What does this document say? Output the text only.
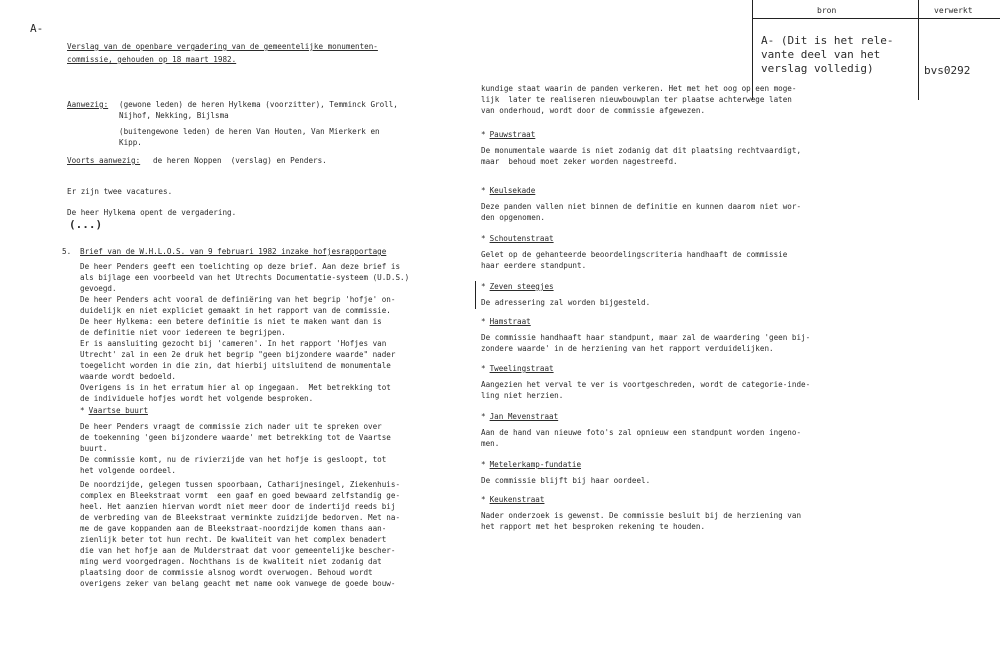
A-
bron	verwerkt
A- (Dit is het rele-
vante deel van het
verslag volledig)	bvs0292
Verslag van de openbare vergadering van de gemeentelijke monumenten-
commissie, gehouden op 18 maart 1982.
Aanwezig: (gewone leden) de heren Hylkema (voorzitter), Temminck Groll,
Nijhof, Nekking, Bijlsma
(buitengewone leden) de heren Van Houten, Van Mierkerk en
Kipp.
Voorts aanwezig: de heren Noppen  (verslag) en Penders.
Er zijn twee vacatures.
De heer Hylkema opent de vergadering.
(...)
5. Brief van de W.H.L.O.S. van 9 februari 1982 inzake hofjesrapportage
De heer Penders geeft een toelichting op deze brief. Aan deze brief is
als bijlage een voorbeeld van het Utrechts Documentatie-systeem (U.D.S.)
gevoegd.
De heer Penders acht vooral de definiëring van het begrip 'hofje' on-
duidelijk en niet expliciet gemaakt in het rapport van de commissie.
De heer Hylkema: een betere definitie is niet te maken want dan is
de definitie niet voor iedereen te begrijpen.
Er is aansluiting gezocht bij 'cameren'. In het rapport 'Hofjes van
Utrecht' zal in een 2e druk het begrip "geen bijzondere waarde" nader
toegelicht worden in die zin, dat hierbij uitsluitend de monumentale
waarde wordt bedoeld.
Overigens is in het erratum hier al op ingegaan.  Met betrekking tot
de individuele hofjes wordt het volgende besproken.
* Vaartse buurt
De heer Penders vraagt de commissie zich nader uit te spreken over
de toekenning 'geen bijzondere waarde' met betrekking tot de Vaartse
buurt.
De commissie komt, nu de rivierzijde van het hofje is gesloopt, tot
het volgende oordeel.
De noordzijde, gelegen tussen spoorbaan, Catharijnesingel, Ziekenhuis-
complex en Bleekstraat vormt  een gaaf en goed bewaard zelfstandig ge-
heel. Het aanzien hiervan wordt niet meer door de indertijd reeds bij
de verbreding van de Bleekstraat verminkte zuidzijde bedorven. Met na-
me de gave koppanden aan de Bleekstraat-noordzijde komen thans aan-
zienlijk beter tot hun recht. De kwaliteit van het complex benadert
die van het hofje aan de Mulderstraat dat voor gemeentelijke bescher-
ming werd voorgedragen. Nochthans is de kwaliteit niet zodanig dat
plaatsing door de commissie alsnog wordt overwogen. Behoud wordt
overigens zeker van belang geacht met name ook vanwege de goede bouw-
kundige staat waarin de panden verkeren. Het met het oog op een moge-
lijk  later te realiseren nieuwbouwplan ter plaatse achterwege laten
van onderhoud, wordt door de commissie afgewezen.
* Pauwstraat
De monumentale waarde is niet zodanig dat dit plaatsing rechtvaardigt,
maar  behoud moet zeker worden nagestreefd.
* Keulsekade
Deze panden vallen niet binnen de definitie en kunnen daarom niet wor-
den opgenomen.
* Schoutenstraat
Gelet op de gehanteerde beoordelingscriteria handhaaft de commissie
haar eerdere standpunt.
* Zeven steegjes
De adressering zal worden bijgesteld.
* Hamstraat
De commissie handhaaft haar standpunt, maar zal de waardering 'geen bij-
zondere waarde' in de herziening van het rapport verduidelijken.
* Tweelingstraat
Aangezien het verval te ver is voortgeschreden, wordt de categorie-inde-
ling niet herzien.
* Jan Mevenstraat
Aan de hand van nieuwe foto's zal opnieuw een standpunt worden ingeno-
men.
* Metelerkamp-fundatie
De commissie blijft bij haar oordeel.
* Keukenstraat
Nader onderzoek is gewenst. De commissie besluit bij de herziening van
het rapport met het besproken rekening te houden.
